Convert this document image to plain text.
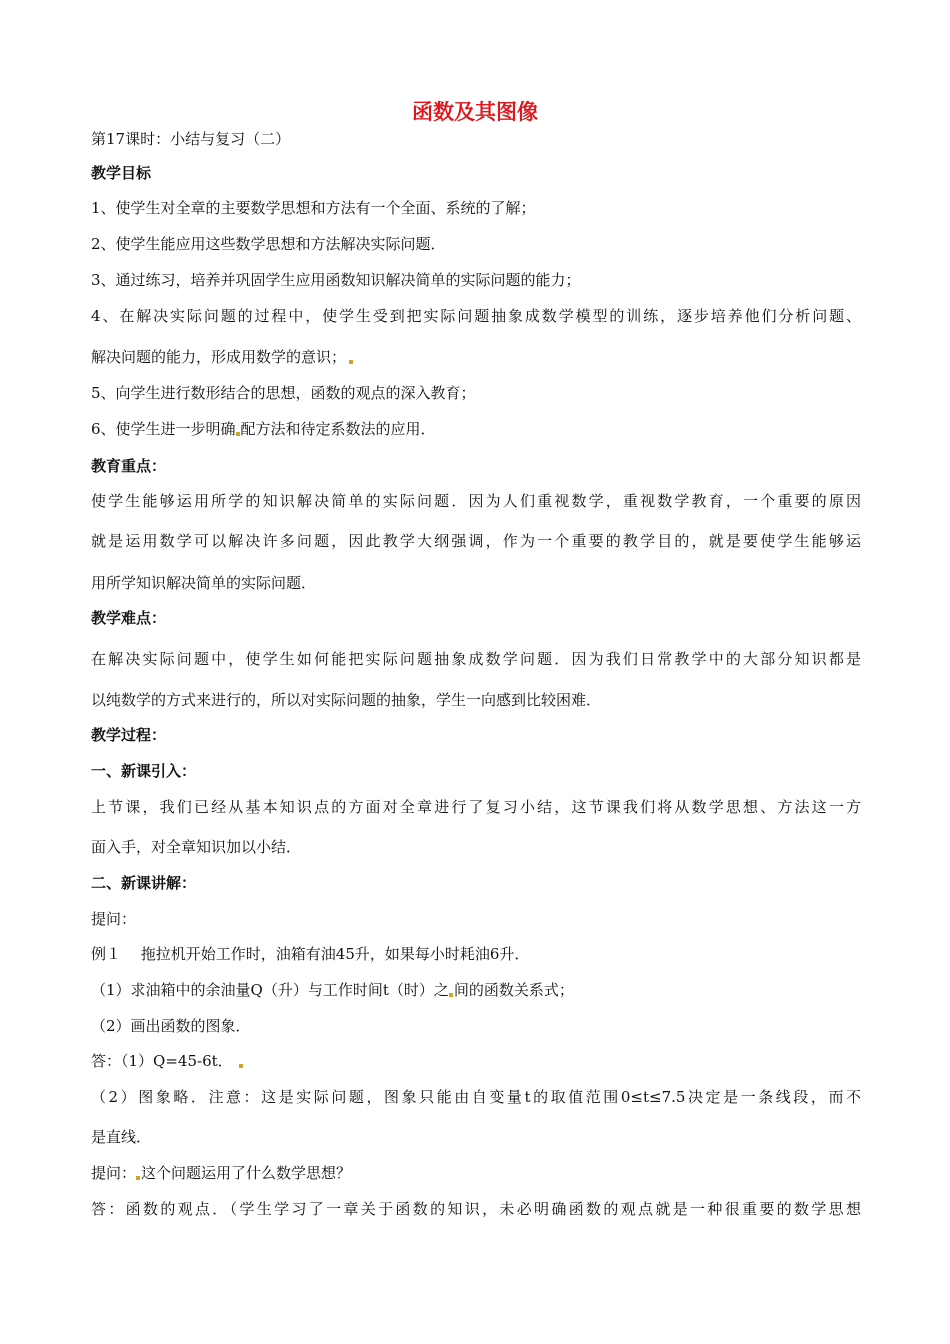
函数及其图像
第17课时：小结与复习（二）
教学目标
1、使学生对全章的主要数学思想和方法有一个全面、系统的了解；
2、使学生能应用这些数学思想和方法解决实际问题．
3、通过练习，培养并巩固学生应用函数知识解决简单的实际问题的能力；
4、在解决实际问题的过程中，使学生受到把实际问题抽象成数学模型的训练，逐步培养他们分析问题、
解决问题的能力，形成用数学的意识；
5、向学生进行数形结合的思想，函数的观点的深入教育；
6、使学生进一步明确 配方法和待定系数法的应用．
教育重点：
使学生能够运用所学的知识解决简单的实际问题．因为人们重视数学，重视数学教育，一个重要的原因
就是运用数学可以解决许多问题，因此教学大纲强调，作为一个重要的教学目的，就是要使学生能够运
用所学知识解决简单的实际问题．
教学难点：
在解决实际问题中，使学生如何能把实际问题抽象成数学问题．因为我们日常教学中的大部分知识都是
以纯数学的方式来进行的，所以对实际问题的抽象，学生一向感到比较困难．
教学过程：
一、新课引入：
上节课，我们已经从基本知识点的方面对全章进行了复习小结，这节课我们将从数学思想、方法这一方
面入手，对全章知识加以小结．
二、新课讲解：
提问：
例１　 拖拉机开始工作时，油箱有油45升，如果每小时耗油6升．
（1）求油箱中的余油量Q（升）与工作时间t（时）之 间的函数关系式；
（2）画出函数的图象．
答：（1）Q=45-6t．
（2）图象略．注意：这是实际问题，图象只能由自变量t的取值范围0≤t≤7.5决定是一条线段，而不
是直线．
提问： 这个问题运用了什么数学思想？
答：函数的观点．（学生学习了一章关于函数的知识，未必明确函数的观点就是一种很重要的数学思想
